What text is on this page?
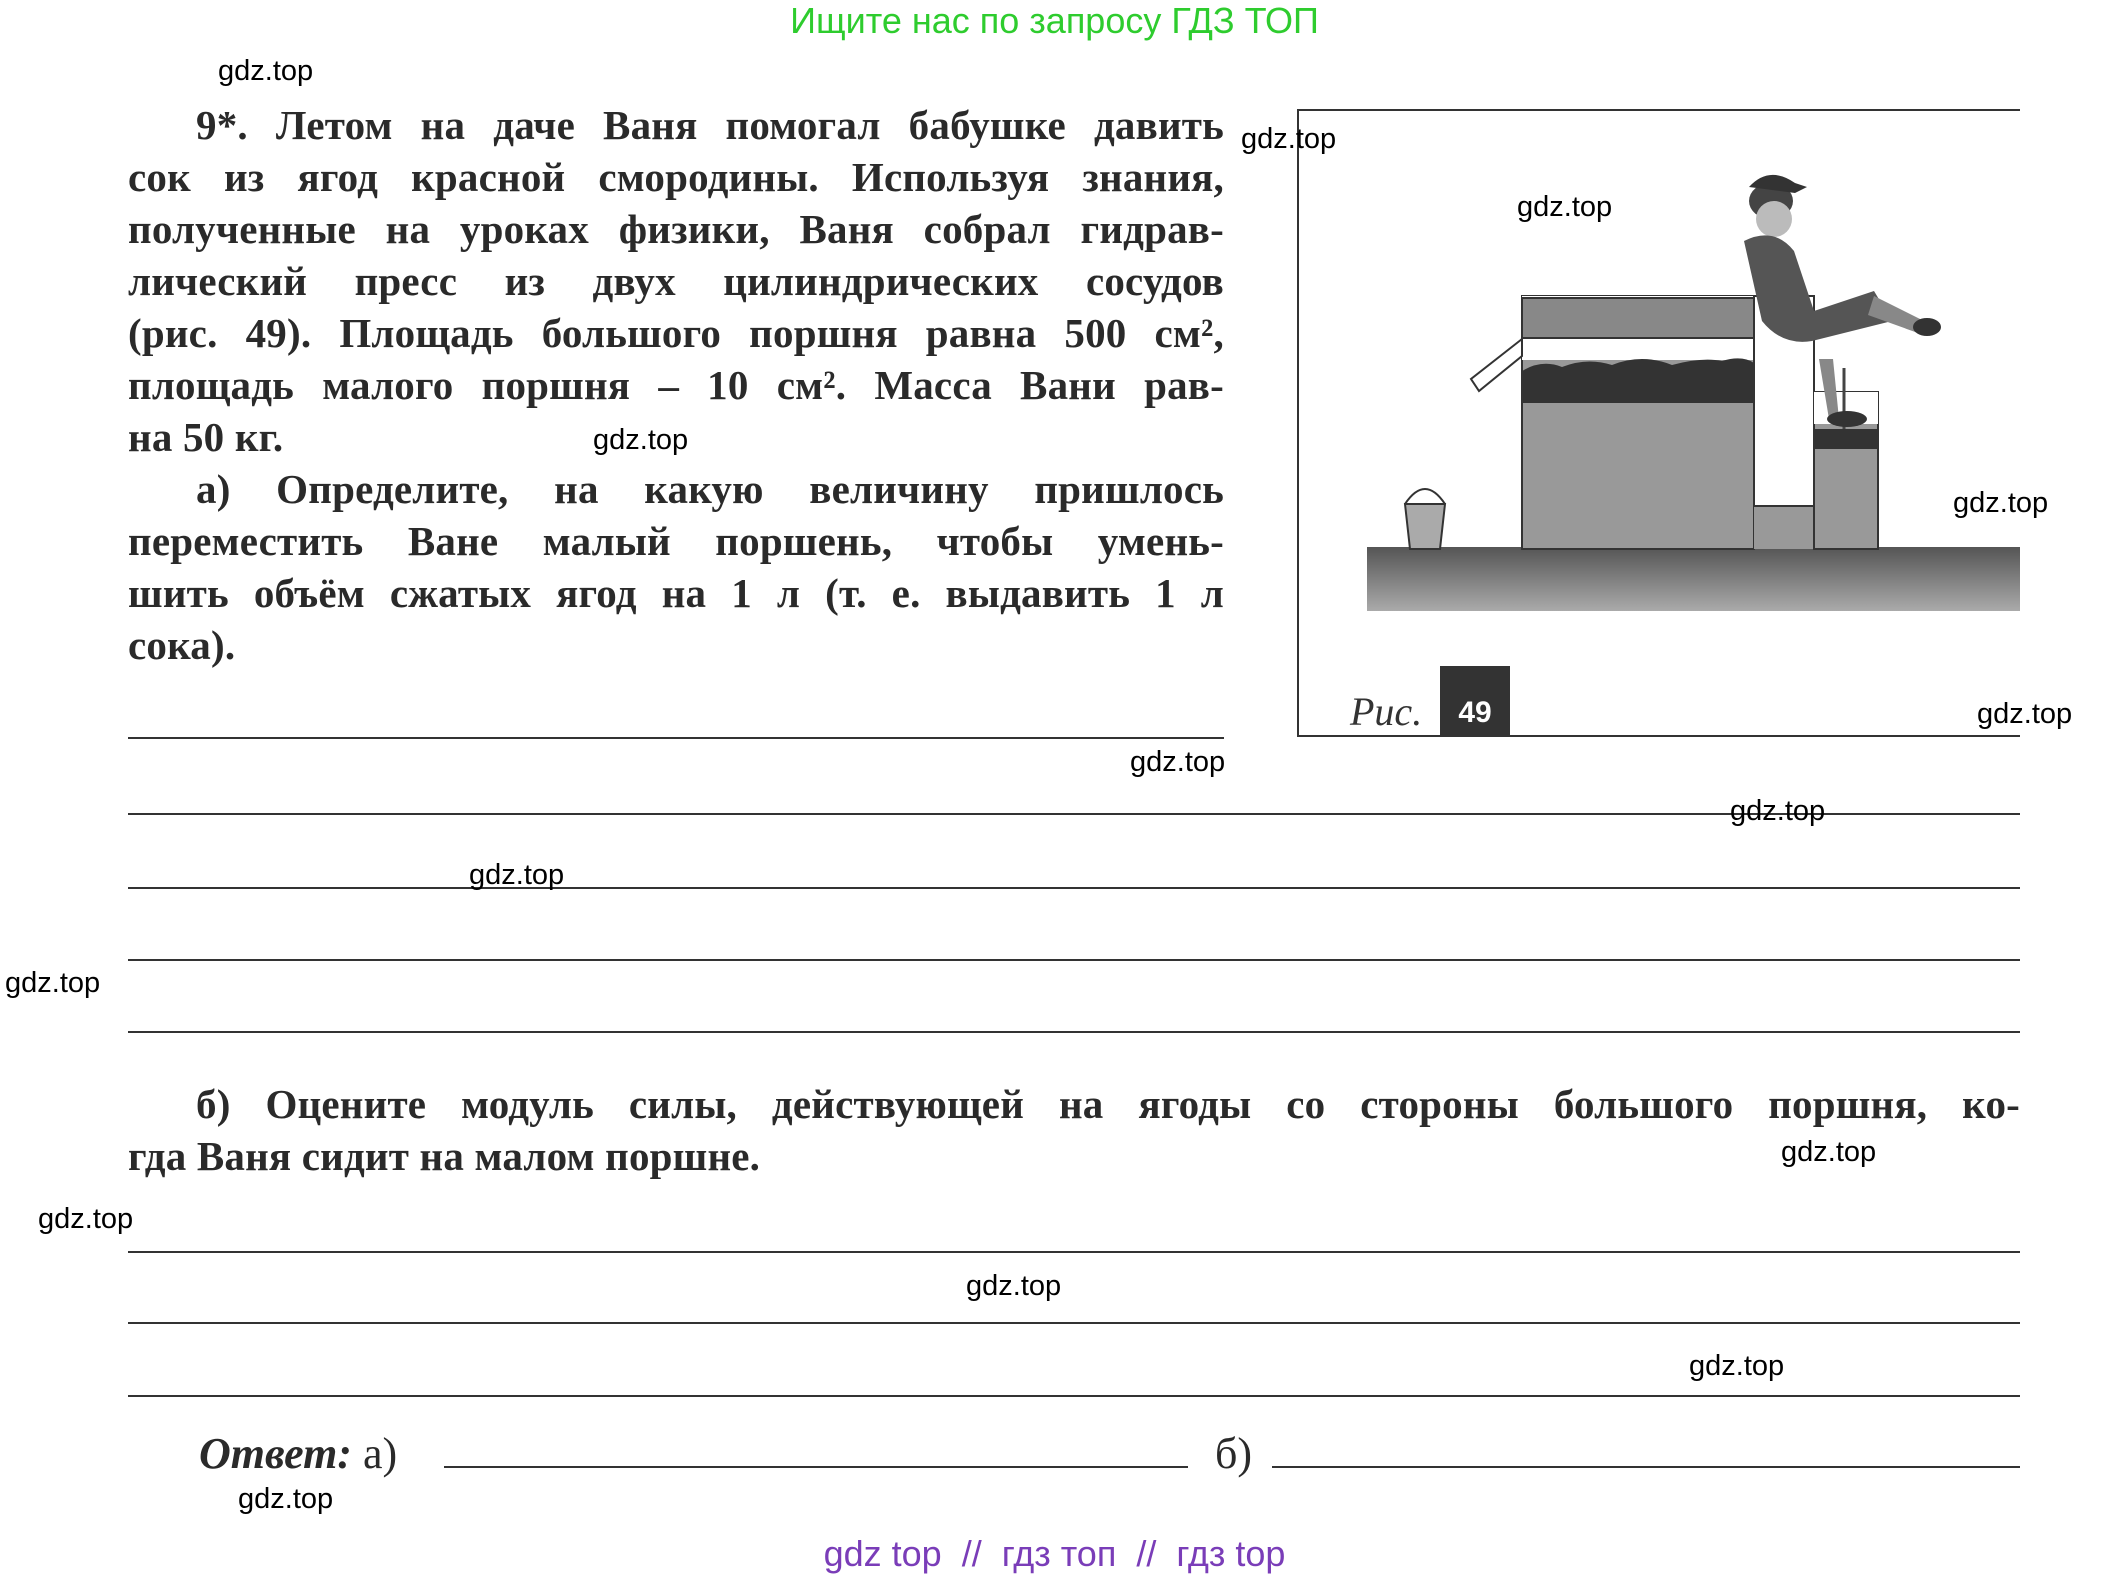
Ищите нас по запросу ГДЗ ТОП
9*. Летом на даче Ваня помогал бабушке давить
сок из ягод красной смородины. Используя знания,
полученные на уроках физики, Ваня собрал гидрав-
лический пресс из двух цилиндрических сосудов
(рис. 49). Площадь большого поршня равна 500 см²,
площадь малого поршня – 10 см². Масса Вани рав-
на 50 кг.
а) Определите, на какую величину пришлось
переместить Ване малый поршень, чтобы умень-
шить объём сжатых ягод на 1 л (т. е. выдавить 1 л
сока).
б) Оцените модуль силы, действующей на ягоды со стороны большого поршня, ко-
гда Ваня сидит на малом поршне.
Ответ: а)	б)
Рис.	49
gdz.top
gdz.top
gdz.top
gdz.top
gdz.top
gdz.top
gdz.top
gdz.top
gdz.top
gdz.top
gdz.top
gdz.top
gdz.top
gdz.top
gdz.top
gdz top  //  гдз топ  //  гдз top
